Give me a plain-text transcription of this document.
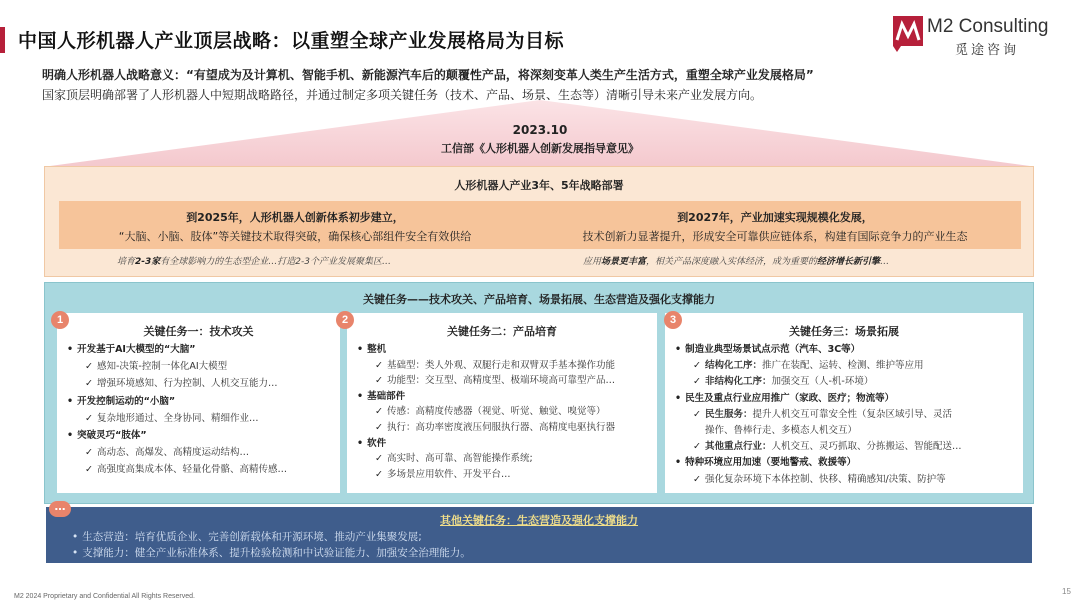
中国人形机器人产业顶层战略：以重塑全球产业发展格局为目标
M2 Consulting
觅途咨询
明确人形机器人战略意义：“有望成为及计算机、智能手机、新能源汽车后的颠覆性产品，将深刻变革人类生产生活方式，重塑全球产业发展格局”
国家顶层明确部署了人形机器人中短期战略路径，并通过制定多项关键任务（技术、产品、场景、生态等）清晰引导未来产业发展方向。
2023.10
工信部《人形机器人创新发展指导意见》
人形机器人产业3年、5年战略部署
到2025年，人形机器人创新体系初步建立，
“大脑、小脑、肢体”等关键技术取得突破，确保核心部组件安全有效供给
到2027年，产业加速实现规模化发展，
技术创新力显著提升，形成安全可靠供应链体系，构建有国际竞争力的产业生态
培育2-3家有全球影响力的生态型企业…打造2-3个产业发展聚集区…	应用场景更丰富，相关产品深度融入实体经济，成为重要的经济增长新引擎…
关键任务——技术攻关、产品培育、场景拓展、生态营造及强化支撑能力
关键任务一：技术攻关
• 开发基于AI大模型的“大脑”
✓ 感知-决策-控制一体化AI大模型
✓ 增强环境感知、行为控制、人机交互能力…
• 开发控制运动的“小脑”
✓ 复杂地形通过、全身协同、精细作业…
• 突破灵巧“肢体”
✓ 高动态、高爆发、高精度运动结构…
✓ 高强度高集成本体、轻量化骨骼、高精传感…
关键任务二：产品培育
• 整机
✓ 基础型：类人外观、双腿行走和双臂双手基本操作功能
✓ 功能型：交互型、高精度型、极端环境高可靠型产品…
• 基础部件
✓ 传感：高精度传感器（视觉、听觉、触觉、嗅觉等）
✓ 执行：高功率密度液压伺服执行器、高精度电驱执行器
• 软件
✓ 高实时、高可靠、高智能操作系统;
✓ 多场景应用软件、开发平台…
关键任务三：场景拓展
• 制造业典型场景试点示范（汽车、3C等）
✓ 结构化工序：推广在装配、运转、检测、维护等应用
✓ 非结构化工序：加强交互（人-机-环境）
• 民生及重点行业应用推广（家政、医疗；物流等）
✓ 民生服务：提升人机交互可靠安全性（复杂区域引导、灵活
操作、鲁棒行走、多模态人机交互）
✓ 其他重点行业：人机交互、灵巧抓取、分拣搬运、智能配送…
• 特种环境应用加速（要地警戒、救援等）
✓ 强化复杂环境下本体控制、快移、精确感知/决策、防护等
1	2	3
其他关键任务：生态营造及强化支撑能力
• 生态营造：培育优质企业、完善创新载体和开源环境、推动产业集聚发展;
• 支撑能力：健全产业标准体系、提升检验检测和中试验证能力、加强安全治理能力。
…
M2 2024 Proprietary and Confidential All Rights Reserved.
15
